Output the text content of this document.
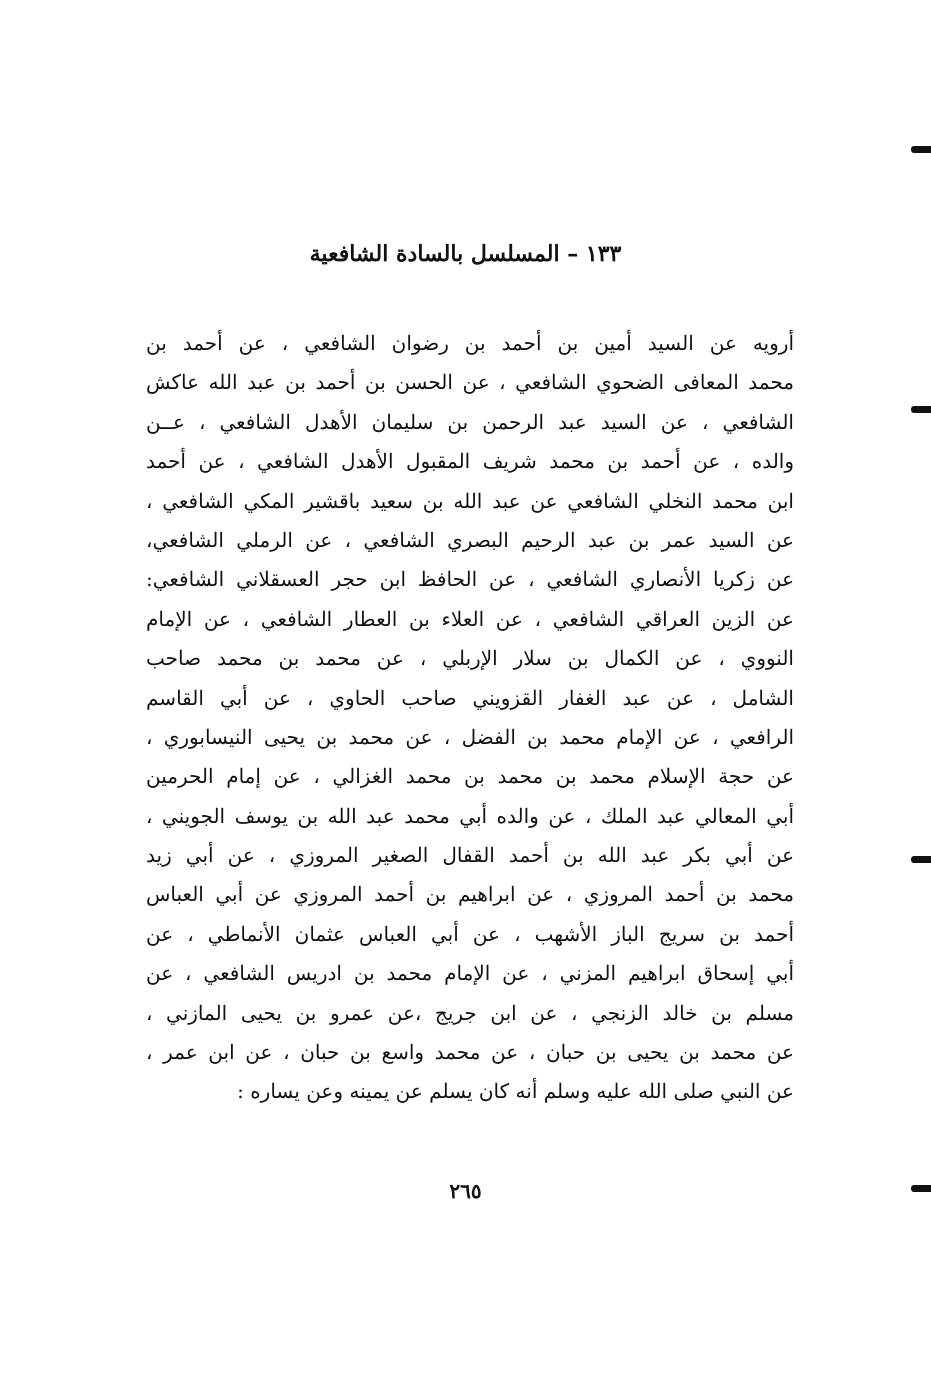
١٣٣ – المسلسل بالسادة الشافعية
أرويه عن السيد أمين بن أحمد بن رضوان الشافعي ، عن أحمد بن
محمد المعافى الضحوي الشافعي ، عن الحسن بن أحمد بن عبد الله عاكش
الشافعي ، عن السيد عبد الرحمن بن سليمان الأهدل الشافعي ، عــن
والده ، عن أحمد بن محمد شريف المقبول الأهدل الشافعي ، عن أحمد
ابن محمد النخلي الشافعي عن عبد الله بن سعيد باقشير المكي الشافعي ،
عن السيد عمر بن عبد الرحيم البصري الشافعي ، عن الرملي الشافعي،
عن زكريا الأنصاري الشافعي ، عن الحافظ ابن حجر العسقلاني الشافعي:
عن الزين العراقي الشافعي ، عن العلاء بن العطار الشافعي ، عن الإمام
النووي ، عن الكمال بن سلار الإربلي ، عن محمد بن محمد صاحب
الشامل ، عن عبد الغفار القزويني صاحب الحاوي ، عن أبي القاسم
الرافعي ، عن الإمام محمد بن الفضل ، عن محمد بن يحيى النيسابوري ،
عن حجة الإسلام محمد بن محمد بن محمد الغزالي ، عن إمام الحرمين
أبي المعالي عبد الملك ، عن والده أبي محمد عبد الله بن يوسف الجويني ،
عن أبي بكر عبد الله بن أحمد القفال الصغير المروزي ، عن أبي زيد
محمد بن أحمد المروزي ، عن ابراهيم بن أحمد المروزي عن أبي العباس
أحمد بن سريج الباز الأشهب ، عن أبي العباس عثمان الأنماطي ، عن
أبي إسحاق ابراهيم المزني ، عن الإمام محمد بن ادريس الشافعي ، عن
مسلم بن خالد الزنجي ، عن ابن جريج ،عن عمرو بن يحيى المازني ،
عن محمد بن يحيى بن حبان ، عن محمد واسع بن حبان ، عن ابن عمر ،
عن النبي صلى الله عليه وسلم أنه كان يسلم عن يمينه وعن يساره :
٢٦٥
